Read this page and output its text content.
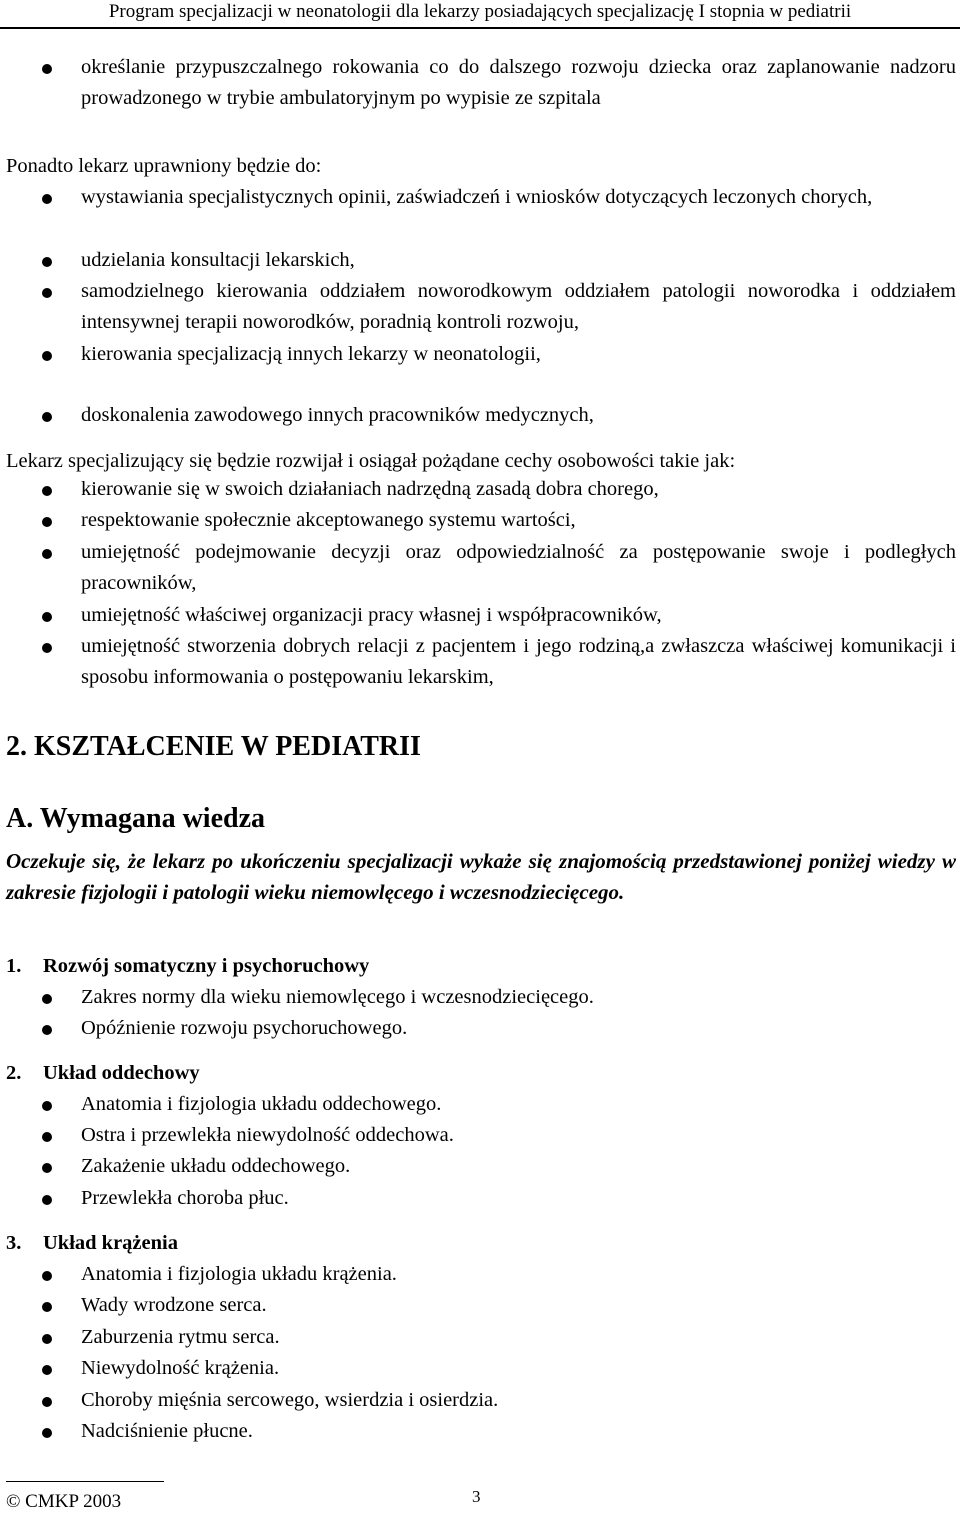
Program specjalizacji w neonatologii dla lekarzy posiadających specjalizację I stopnia w pediatrii

określanie przypuszczalnego rokowania co do dalszego rozwoju dziecka oraz zaplanowanie nadzoru prowadzonego w trybie ambulatoryjnym po wypisie ze szpitala

Ponadto lekarz uprawniony będzie do:

wystawiania specjalistycznych opinii, zaświadczeń i wniosków dotyczących leczonych chorych,

udzielania konsultacji lekarskich,

samodzielnego kierowania oddziałem noworodkowym oddziałem patologii noworodka i oddziałem intensywnej terapii noworodków, poradnią kontroli rozwoju,

kierowania specjalizacją innych lekarzy w neonatologii,

doskonalenia zawodowego innych pracowników medycznych,

Lekarz specjalizujący się będzie rozwijał i osiągał pożądane cechy osobowości takie jak:

kierowanie się w swoich działaniach nadrzędną zasadą dobra chorego,

respektowanie społecznie akceptowanego systemu wartości,

umiejętność podejmowanie decyzji oraz odpowiedzialność za postępowanie swoje i podległych pracowników,

umiejętność właściwej organizacji pracy własnej i współpracowników,

umiejętność stworzenia dobrych relacji z pacjentem i jego rodziną,a zwłaszcza właściwej komunikacji i sposobu informowania o postępowaniu lekarskim,

2. KSZTAŁCENIE W PEDIATRII
A. Wymagana wiedza

Oczekuje się, że lekarz po ukończeniu specjalizacji wykaże się znajomością przedstawionej poniżej wiedzy w zakresie fizjologii i patologii wieku niemowlęcego i wczesnodziecięcego.

1. Rozwój somatyczny i psychoruchowy

Zakres normy dla wieku niemowlęcego i wczesnodziecięcego.

Opóźnienie rozwoju psychoruchowego.

2. Układ oddechowy

Anatomia i fizjologia układu oddechowego.

Ostra i przewlekła niewydolność oddechowa.

Zakażenie układu oddechowego.

Przewlekła choroba płuc.

3. Układ krążenia

Anatomia i fizjologia układu krążenia.

Wady wrodzone serca.

Zaburzenia rytmu serca.

Niewydolność krążenia.

Choroby mięśnia sercowego, wsierdzia i osierdzia.

Nadciśnienie płucne.

© CMKP 2003	3
